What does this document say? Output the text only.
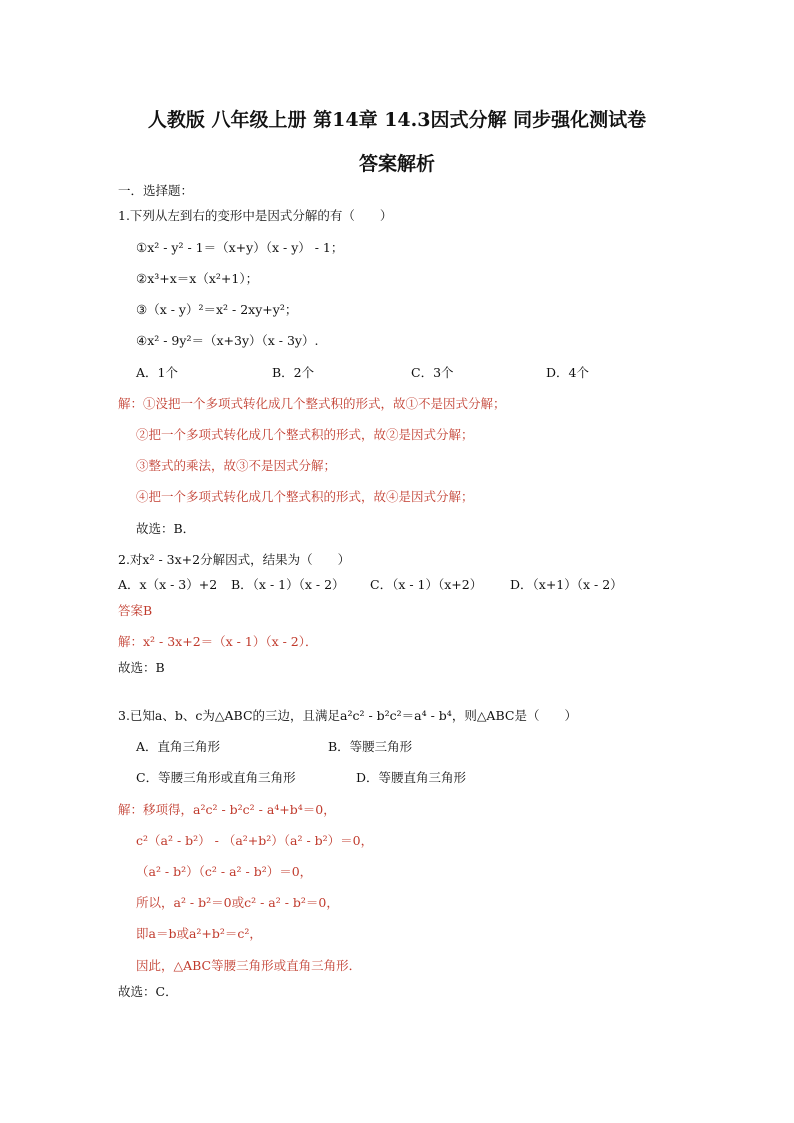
人教版 八年级上册 第14章 14.3因式分解 同步强化测试卷
答案解析
一．选择题：
1.下列从左到右的变形中是因式分解的有（　　）
①x² - y² - 1＝（x+y）（x - y） - 1；
②x³+x＝x（x²+1）；
③（x - y）²＝x² - 2xy+y²；
④x² - 9y²＝（x+3y）（x - 3y）.
A．1个	B．2个	C．3个	D．4个
解：①没把一个多项式转化成几个整式积的形式，故①不是因式分解；
②把一个多项式转化成几个整式积的形式，故②是因式分解；
③整式的乘法，故③不是因式分解；
④把一个多项式转化成几个整式积的形式，故④是因式分解；
故选：B．
2.对x² - 3x+2分解因式，结果为（　　）
A．x（x - 3）+2 B．（x - 1）（x - 2） C．（x - 1）（x+2） D．（x+1）（x - 2）
答案B
解：x² - 3x+2＝（x - 1）（x - 2）．
故选：B
3.已知a、b、c为△ABC的三边，且满足a²c² - b²c²＝a⁴ - b⁴，则△ABC是（　　）
A．直角三角形	B．等腰三角形
C．等腰三角形或直角三角形	D．等腰直角三角形
解：移项得，a²c² - b²c² - a⁴+b⁴＝0，
c²（a² - b²） - （a²+b²）（a² - b²）＝0，
（a² - b²）（c² - a² - b²）＝0，
所以，a² - b²＝0或c² - a² - b²＝0，
即a＝b或a²+b²＝c²，
因此，△ABC等腰三角形或直角三角形．
故选：C．
